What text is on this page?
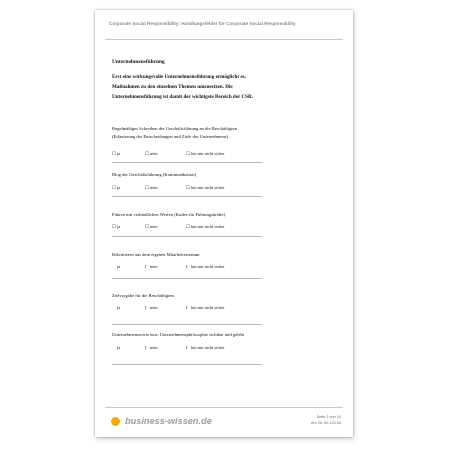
Corporate Social Responsibility: Handlungsfelder für Corporate Social Responsibility
Unternehmensführung
Erst eine wirkungsvolle Unternehmensführung ermöglicht es,
Maßnahmen zu den einzelnen Themen umzusetzen. Die
Unternehmensführung ist damit der wichtigste Bereich der CSR.
Regelmäßiges Schreiben der Geschäftsführung an die Beschäftigten
(Erläuterung der Entscheidungen und Ziele des Unternehmens)
☐ ja	☐ nein	☐ bin mir nicht sicher
Blog der Geschäftsführung (Kommunikation)
☐ ja	☐ nein	☐ bin mir nicht sicher
Führen mit verbindlichen Werten (Kodex für Führungskräfte)
☐ ja	☐ nein	☐ bin mir nicht sicher
Rekrutieren aus dem eigenen Mitarbeiterstamm
ja	I nein	I bin mir nicht sicher
Zielvorgabe für die Beschäftigten
ja	I nein	I bin mir nicht sicher
Unternehmenswerte bzw. Unternehmensphilosophie sichtbar und gelebt
ja	I nein	I bin mir nicht sicher
business-wissen.de	Seite 2 von 10
Art.-Nr. 00.120.04
